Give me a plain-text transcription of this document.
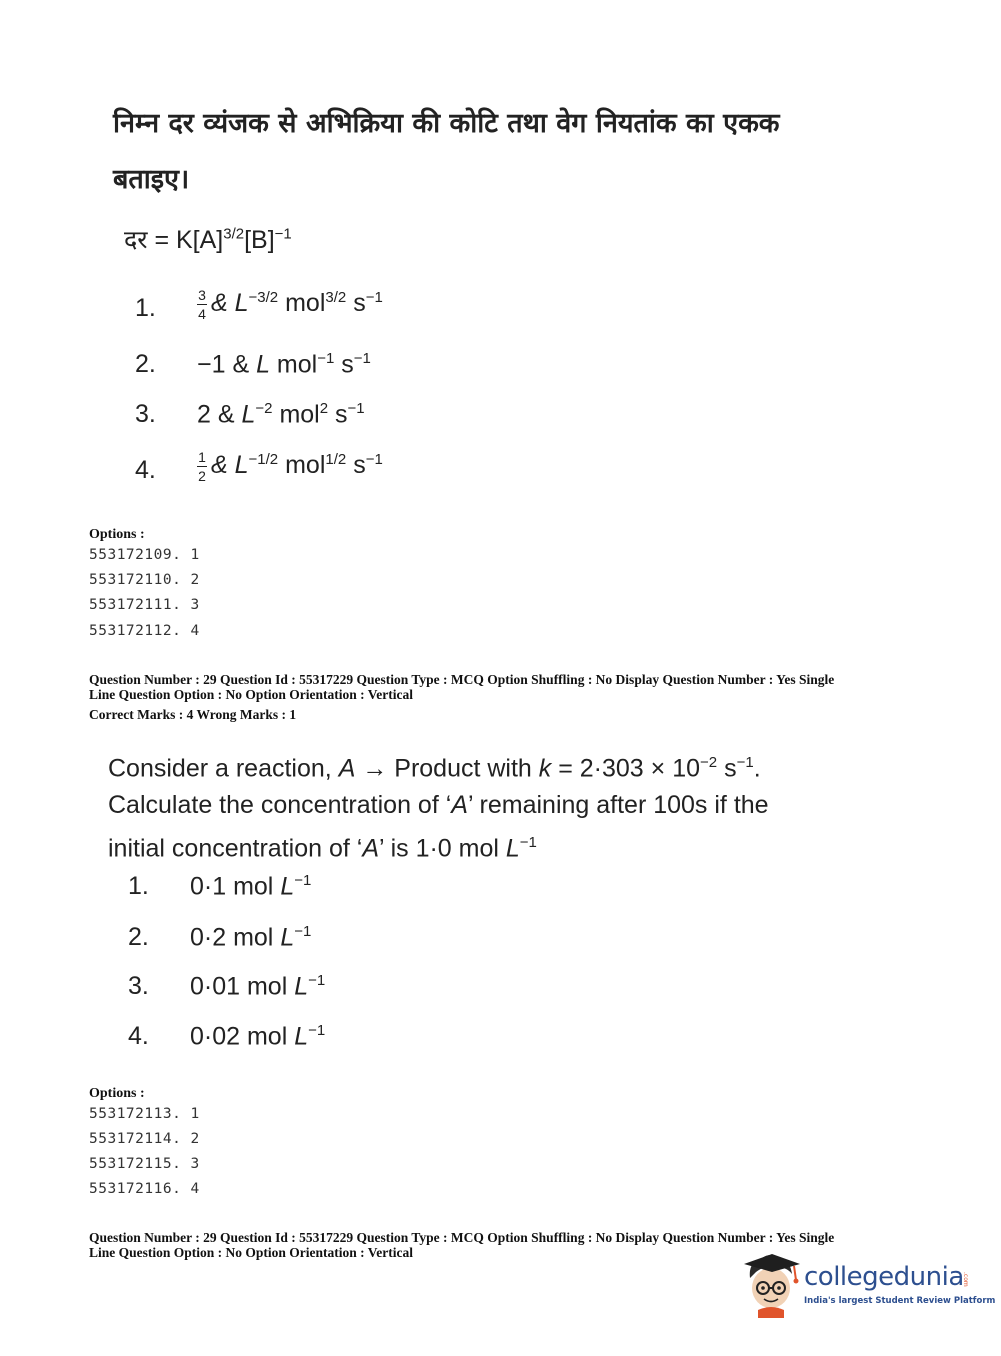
निम्न दर व्यंजक से अभिक्रिया की कोटि तथा वेग नियतांक का एकक
बताइए।
दर = $K[A]^{3/2}[B]^{-1}$
1.	$\frac{3}{4}$ & $L^{-3/2}$ mol$^{3/2}$ $s^{-1}$
2. −1 & L mol$^{-1}$ $s^{-1}$
3. 2 & $L^{-2}$ mol$^2$ $s^{-1}$
4.	$\frac{1}{2}$ & $L^{-1/2}$ mol$^{1/2}$ $s^{-1}$
Options :
553172109. 1
553172110. 2
553172111. 3
553172112. 4
Question Number : 29 Question Id : 55317229 Question Type : MCQ Option Shuffling : No Display Question Number : Yes Single
Line Question Option : No Option Orientation : Vertical
Correct Marks : 4 Wrong Marks : 1
Consider a reaction, A → Product with $k = 2\cdot 303 \times 10^{-2}$ $s^{-1}$.
Calculate the concentration of ‘A’ remaining after 100s if the
initial concentration of ‘A’ is 1·0 mol $L^{-1}$
1. 0·1 mol $L^{-1}$
2. 0·2 mol $L^{-1}$
3. 0·01 mol $L^{-1}$
4. 0·02 mol $L^{-1}$
Options :
553172113. 1
553172114. 2
553172115. 3
553172116. 4
Question Number : 29 Question Id : 55317229 Question Type : MCQ Option Shuffling : No Display Question Number : Yes Single
Line Question Option : No Option Orientation : Vertical
collegedunia
.com
India's largest Student Review Platform
